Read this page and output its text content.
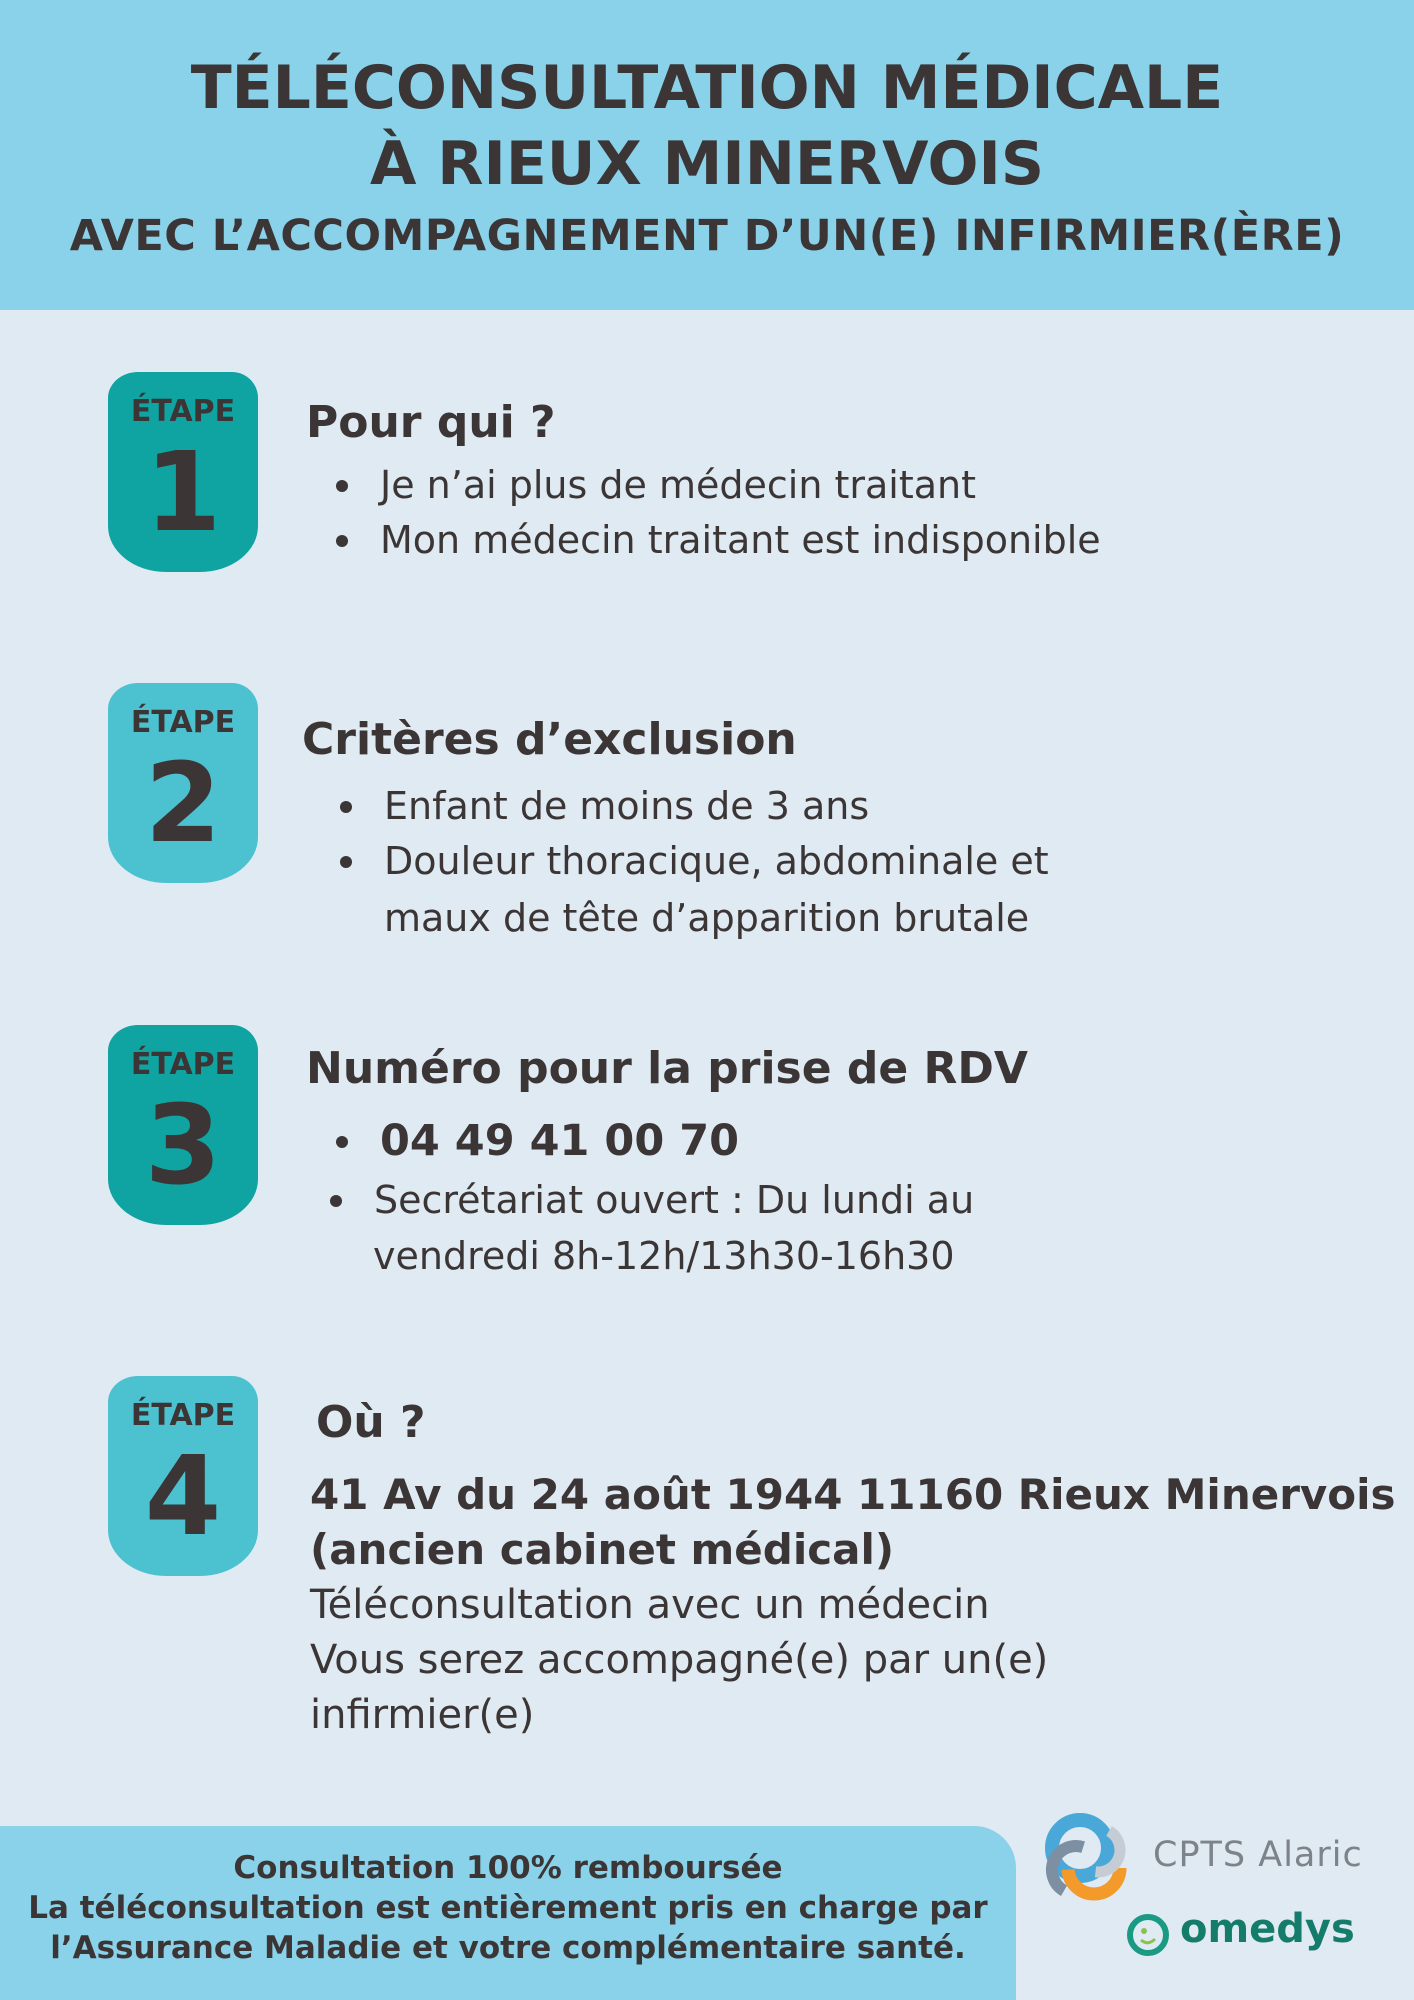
TÉLÉCONSULTATION MÉDICALE
À RIEUX MINERVOIS
AVEC L’ACCOMPAGNEMENT D’UN(E) INFIRMIER(ÈRE)
ÉTAPE
1
Pour qui ?
Je n’ai plus de médecin traitant
Mon médecin traitant est indisponible
ÉTAPE
2	Critères d’exclusion
Enfant de moins de 3 ans
Douleur thoracique, abdominale et
maux de tête d’apparition brutale
ÉTAPE
3
Numéro pour la prise de RDV
04 49 41 00 70
Secrétariat ouvert : Du lundi au
vendredi 8h-12h/13h30-16h30
ÉTAPE
4
Où ?
41 Av du 24 août 1944 11160 Rieux Minervois
(ancien cabinet médical)
Téléconsultation avec un médecin
Vous serez accompagné(e) par un(e)
infirmier(e)
Consultation 100% remboursée
La téléconsultation est entièrement pris en charge par
l’Assurance Maladie et votre complémentaire santé.
CPTS Alaric
omedys
